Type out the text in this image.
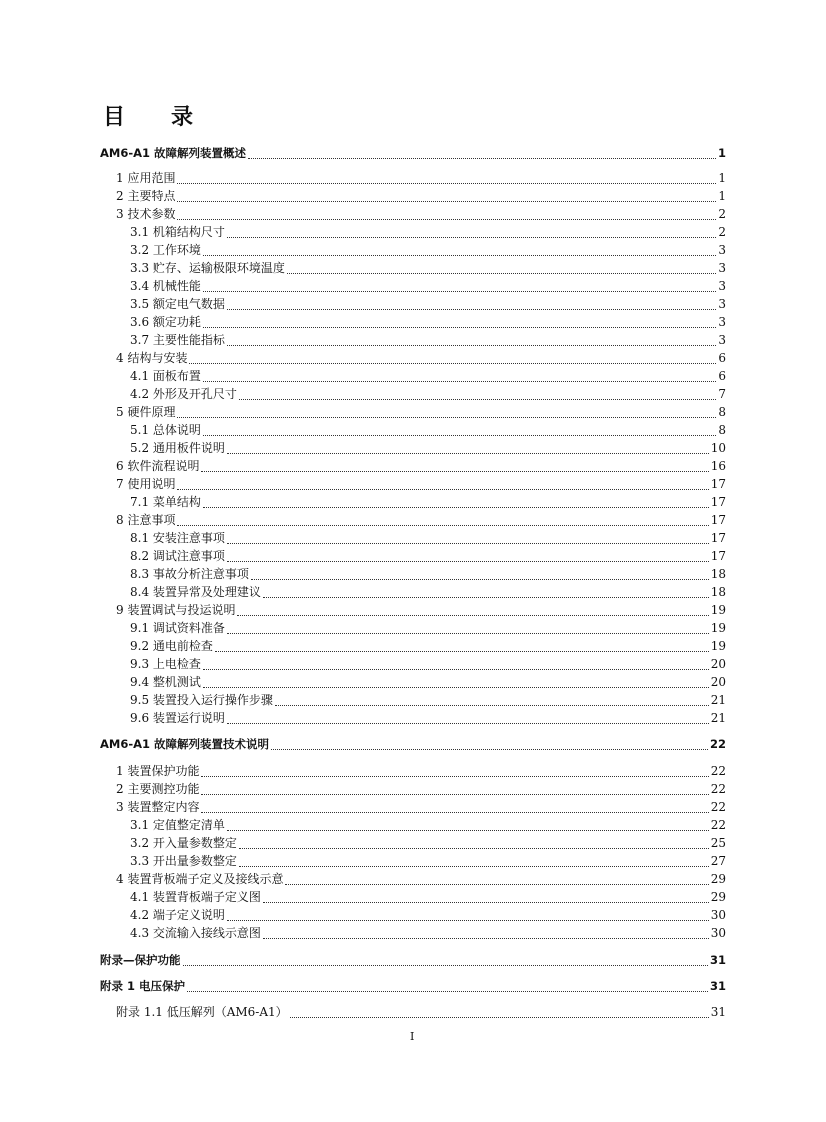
目　录
AM6-A1 故障解列装置概述	1
1 应用范围	1
2 主要特点	1
3 技术参数	2
3.1 机箱结构尺寸	2
3.2 工作环境	3
3.3 贮存、运输极限环境温度	3
3.4 机械性能	3
3.5 额定电气数据	3
3.6 额定功耗	3
3.7 主要性能指标	3
4 结构与安装	6
4.1 面板布置	6
4.2 外形及开孔尺寸	7
5 硬件原理	8
5.1 总体说明	8
5.2 通用板件说明	10
6 软件流程说明	16
7 使用说明	17
7.1 菜单结构	17
8 注意事项	17
8.1 安装注意事项	17
8.2 调试注意事项	17
8.3 事故分析注意事项	18
8.4 装置异常及处理建议	18
9 装置调试与投运说明	19
9.1 调试资料准备	19
9.2 通电前检查	19
9.3 上电检查	20
9.4 整机测试	20
9.5 装置投入运行操作步骤	21
9.6 装置运行说明	21
AM6-A1 故障解列装置技术说明	22
1 装置保护功能	22
2 主要测控功能	22
3 装置整定内容	22
3.1 定值整定清单	22
3.2 开入量参数整定	25
3.3 开出量参数整定	27
4 装置背板端子定义及接线示意	29
4.1 装置背板端子定义图	29
4.2 端子定义说明	30
4.3 交流输入接线示意图	30
附录—保护功能	31
附录 1 电压保护	31
附录 1.1 低压解列（AM6-A1）	31
I
